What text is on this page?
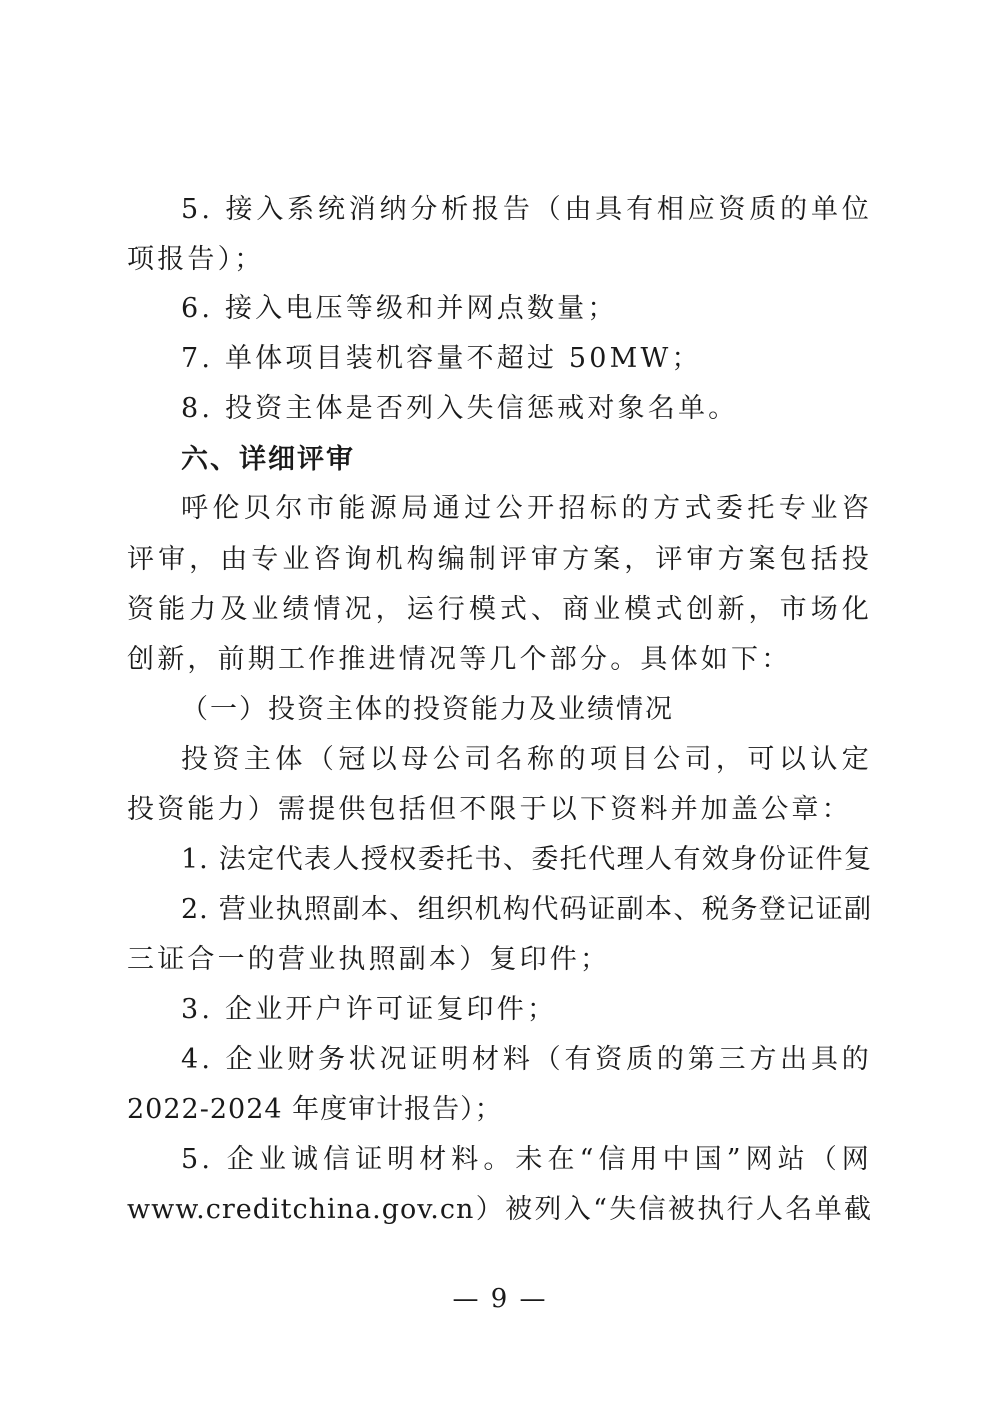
5. 接入系统消纳分析报告（由具有相应资质的单位
项报告）；
6. 接入电压等级和并网点数量；
7. 单体项目装机容量不超过 50MW；
8. 投资主体是否列入失信惩戒对象名单。
六、详细评审
呼伦贝尔市能源局通过公开招标的方式委托专业咨
评审，由专业咨询机构编制评审方案，评审方案包括投
资能力及业绩情况，运行模式、商业模式创新，市场化
创新，前期工作推进情况等几个部分。具体如下：
（一）投资主体的投资能力及业绩情况
投资主体（冠以母公司名称的项目公司，可以认定
投资能力）需提供包括但不限于以下资料并加盖公章：
1. 法定代表人授权委托书、委托代理人有效身份证件复
2. 营业执照副本、组织机构代码证副本、税务登记证副
三证合一的营业执照副本）复印件；
3. 企业开户许可证复印件；
4. 企业财务状况证明材料（有资质的第三方出具的
2022-2024 年度审计报告）；
5. 企业诚信证明材料。未在“信用中国”网站（网
www.creditchina.gov.cn）被列入“失信被执行人名单截
— 9 —
